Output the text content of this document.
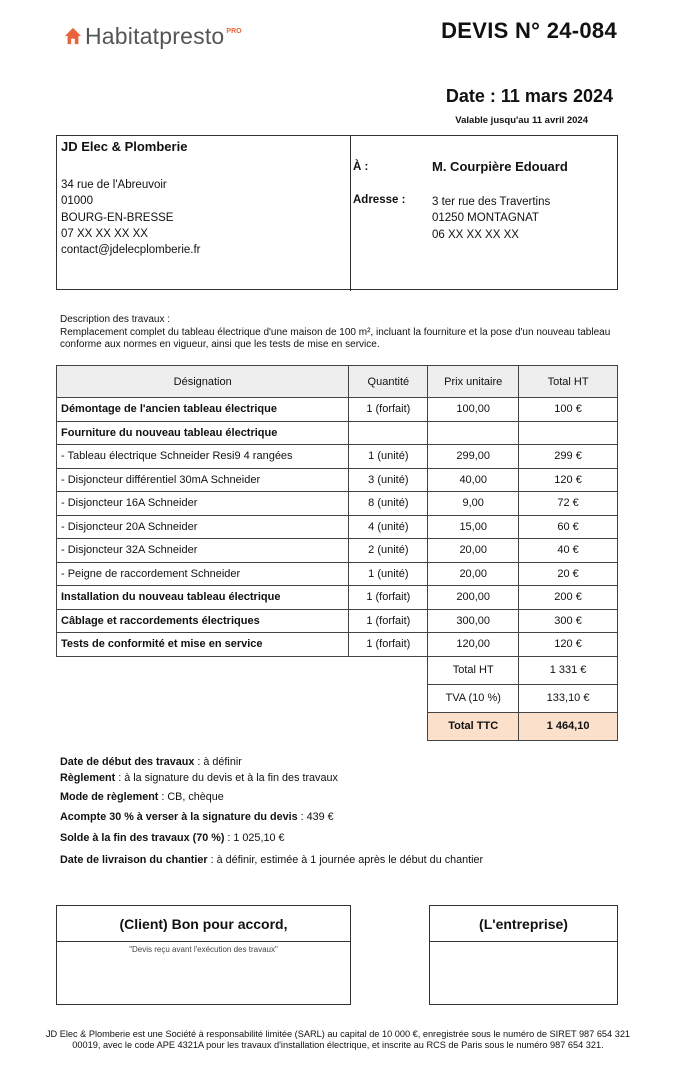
Habitatpresto PRO	DEVIS N° 24-084
Date : 11 mars 2024
Valable jusqu'au 11 avril 2024
JD Elec & Plomberie
34 rue de l'Abreuvoir
01000
BOURG-EN-BRESSE
07 XX XX XX XX
contact@jdelecplomberie.fr
À :	M. Courpière Edouard
Adresse : 3 ter rue des Travertins
01250 MONTAGNAT
06 XX XX XX XX
Description des travaux :
Remplacement complet du tableau électrique d'une maison de 100 m², incluant la fourniture et la pose d'un nouveau tableau conforme aux normes en vigueur, ainsi que les tests de mise en service.
Désignation	Quantité	Prix unitaire	Total HT
Démontage de l'ancien tableau électrique	1 (forfait)	100,00	100 €
Fourniture du nouveau tableau électrique			
- Tableau électrique Schneider Resi9 4 rangées	1 (unité)	299,00	299 €
- Disjoncteur différentiel 30mA Schneider	3 (unité)	40,00	120 €
- Disjoncteur 16A Schneider	8 (unité)	9,00	72 €
- Disjoncteur 20A Schneider	4 (unité)	15,00	60 €
- Disjoncteur 32A Schneider	2 (unité)	20,00	40 €
- Peigne de raccordement Schneider	1 (unité)	20,00	20 €
Installation du nouveau tableau électrique	1 (forfait)	200,00	200 €
Câblage et raccordements électriques	1 (forfait)	300,00	300 €
Tests de conformité et mise en service	1 (forfait)	120,00	120 €
		Total HT	1 331 €
		TVA (10 %)	133,10 €
		Total TTC	1 464,10
Date de début des travaux : à définir
Règlement : à la signature du devis et à la fin des travaux
Mode de règlement : CB, chèque
Acompte 30 % à verser à la signature du devis : 439 €
Solde à la fin des travaux (70 %) : 1 025,10 €
Date de livraison du chantier : à définir, estimée à 1 journée après le début du chantier
(Client) Bon pour accord,
"Devis reçu avant l'exécution des travaux"
(L'entreprise)
JD Elec & Plomberie est une Société à responsabilité limitée (SARL) au capital de 10 000 €, enregistrée sous le numéro de SIRET 987 654 321 00019, avec le code APE 4321A pour les travaux d'installation électrique, et inscrite au RCS de Paris sous le numéro 987 654 321.
